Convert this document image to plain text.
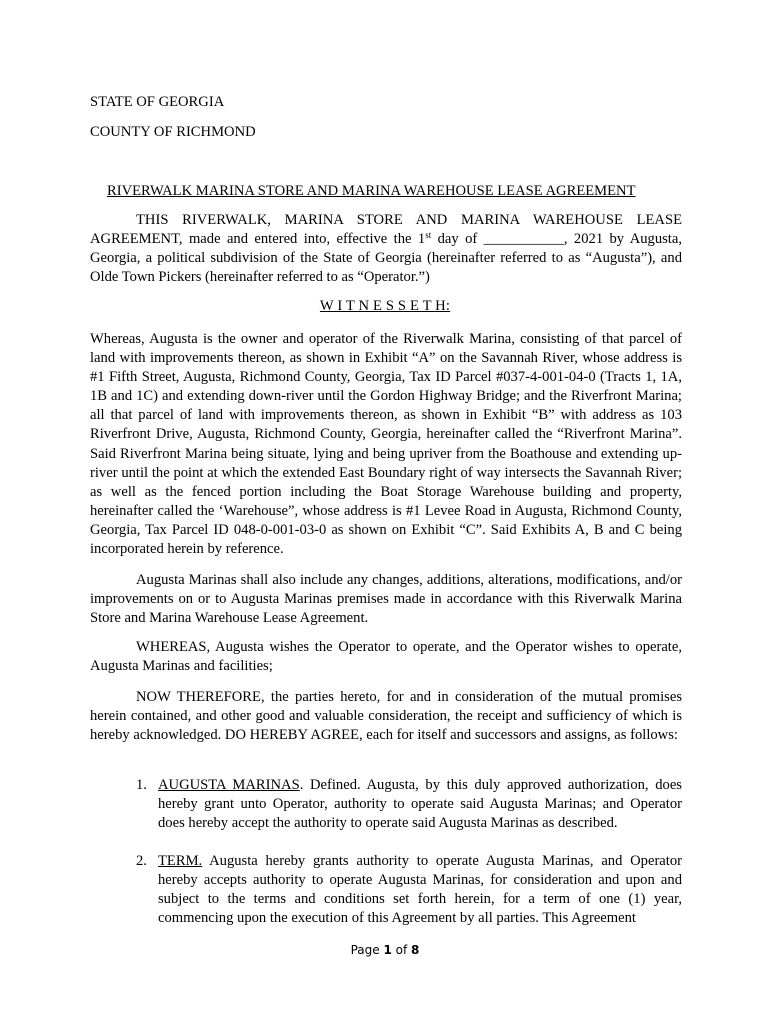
STATE OF GEORGIA
COUNTY OF RICHMOND
RIVERWALK MARINA STORE AND MARINA WAREHOUSE LEASE AGREEMENT

THIS RIVERWALK, MARINA STORE AND MARINA WAREHOUSE LEASE AGREEMENT, made and entered into, effective the 1st day of ___________, 2021 by Augusta, Georgia, a political subdivision of the State of Georgia (hereinafter referred to as “Augusta”), and Olde Town Pickers (hereinafter referred to as “Operator.”)

W I T N E S S E T H:

Whereas, Augusta is the owner and operator of the Riverwalk Marina, consisting of that parcel of land with improvements thereon, as shown in Exhibit “A” on the Savannah River, whose address is #1 Fifth Street, Augusta, Richmond County, Georgia, Tax ID Parcel #037-4-001-04-0 (Tracts 1, 1A, 1B and 1C) and extending down-river until the Gordon Highway Bridge; and the Riverfront Marina; all that parcel of land with improvements thereon, as shown in Exhibit “B” with address as 103 Riverfront Drive, Augusta, Richmond County, Georgia, hereinafter called the “Riverfront Marina”. Said Riverfront Marina being situate, lying and being upriver from the Boathouse and extending up-river until the point at which the extended East Boundary right of way intersects the Savannah River; as well as the fenced portion including the Boat Storage Warehouse building and property, hereinafter called the ‘Warehouse”, whose address is #1 Levee Road in Augusta, Richmond County, Georgia, Tax Parcel ID 048-0-001-03-0 as shown on Exhibit “C”. Said Exhibits A, B and C being incorporated herein by reference.

Augusta Marinas shall also include any changes, additions, alterations, modifications, and/or improvements on or to Augusta Marinas premises made in accordance with this Riverwalk Marina Store and Marina Warehouse Lease Agreement.

WHEREAS, Augusta wishes the Operator to operate, and the Operator wishes to operate, Augusta Marinas and facilities;

NOW THEREFORE, the parties hereto, for and in consideration of the mutual promises herein contained, and other good and valuable consideration, the receipt and sufficiency of which is hereby acknowledged. DO HEREBY AGREE, each for itself and successors and assigns, as follows:

1. AUGUSTA MARINAS. Defined. Augusta, by this duly approved authorization, does hereby grant unto Operator, authority to operate said Augusta Marinas; and Operator does hereby accept the authority to operate said Augusta Marinas as described.
2. TERM. Augusta hereby grants authority to operate Augusta Marinas, and Operator hereby accepts authority to operate Augusta Marinas, for consideration and upon and subject to the terms and conditions set forth herein, for a term of one (1) year, commencing upon the execution of this Agreement by all parties. This Agreement
Page 1 of 8
